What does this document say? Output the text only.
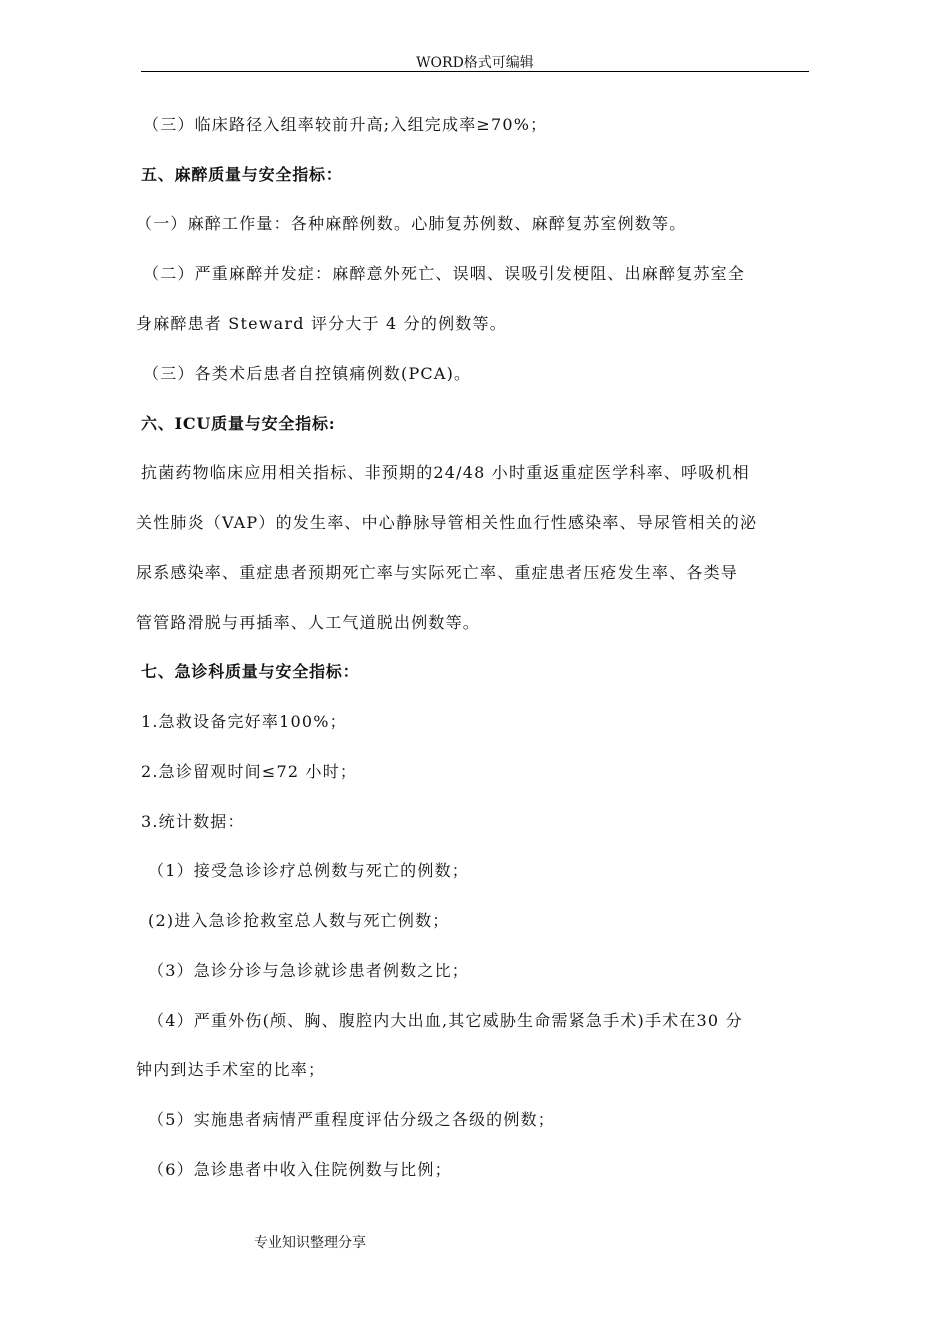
WORD格式可编辑
（三）临床路径入组率较前升高;入组完成率≥70%；
五、麻醉质量与安全指标：
（一）麻醉工作量：各种麻醉例数。心肺复苏例数、麻醉复苏室例数等。
（二）严重麻醉并发症：麻醉意外死亡、误咽、误吸引发梗阻、出麻醉复苏室全
身麻醉患者 Steward 评分大于 4 分的例数等。
（三）各类术后患者自控镇痛例数(PCA)。
六、ICU质量与安全指标:
抗菌药物临床应用相关指标、非预期的24/48 小时重返重症医学科率、呼吸机相
关性肺炎（VAP）的发生率、中心静脉导管相关性血行性感染率、导尿管相关的泌
尿系感染率、重症患者预期死亡率与实际死亡率、重症患者压疮发生率、各类导
管管路滑脱与再插率、人工气道脱出例数等。
七、急诊科质量与安全指标：
1.急救设备完好率100%；
2.急诊留观时间≤72 小时；
3.统计数据：
（1）接受急诊诊疗总例数与死亡的例数；
(2)进入急诊抢救室总人数与死亡例数；
（3）急诊分诊与急诊就诊患者例数之比；
（4）严重外伤(颅、胸、腹腔内大出血,其它威胁生命需紧急手术)手术在30 分
钟内到达手术室的比率；
（5）实施患者病情严重程度评估分级之各级的例数；
（6）急诊患者中收入住院例数与比例；
专业知识整理分享
